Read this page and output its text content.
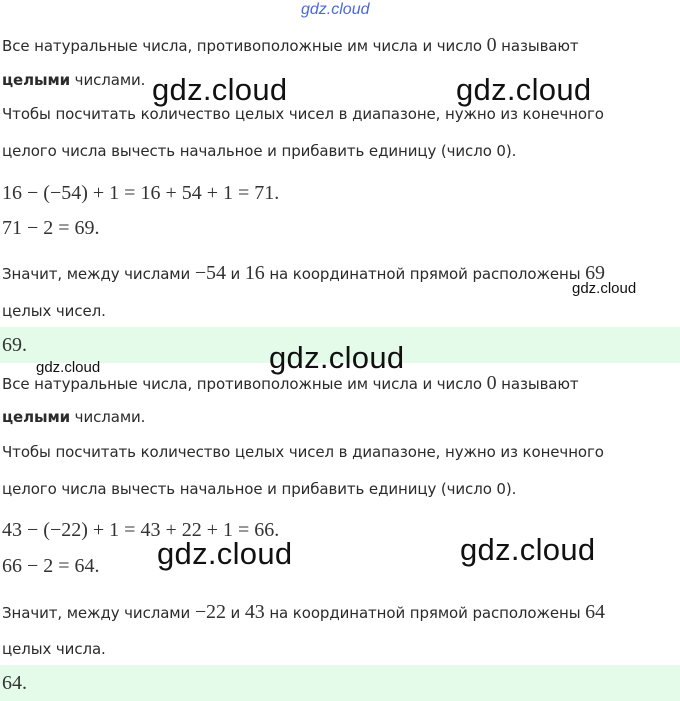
gdz.cloud
Все натуральные числа, противоположные им числа и число 0 называют
целыми числами.
Чтобы посчитать количество целых чисел в диапазоне, нужно из конечного
целого числа вычесть начальное и прибавить единицу (число 0).
16 − (−54) + 1 = 16 + 54 + 1 = 71.
71 − 2 = 69.
Значит, между числами −54 и 16 на координатной прямой расположены 69
целых чисел.
69.
Все натуральные числа, противоположные им числа и число 0 называют
целыми числами.
Чтобы посчитать количество целых чисел в диапазоне, нужно из конечного
целого числа вычесть начальное и прибавить единицу (число 0).
43 − (−22) + 1 = 43 + 22 + 1 = 66.
66 − 2 = 64.
Значит, между числами −22 и 43 на координатной прямой расположены 64
целых числа.
64.
gdz.cloud	gdz.cloud
gdz.cloud
gdz.cloud	gdz.cloud
gdz.cloud	gdz.cloud
